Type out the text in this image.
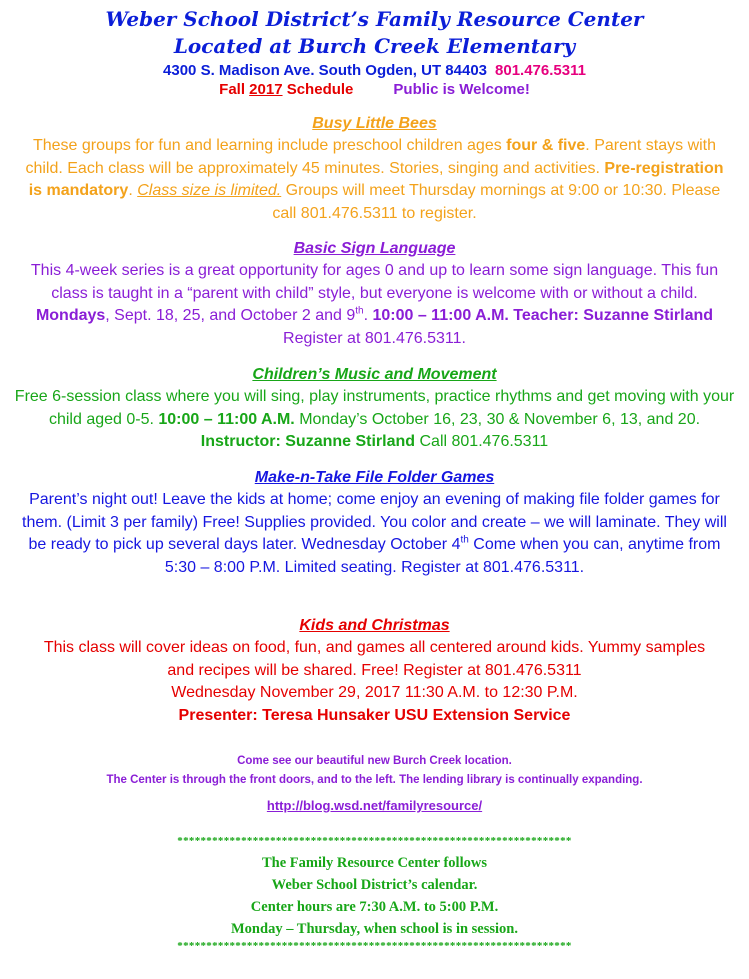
Weber School District’s Family Resource Center
Located at Burch Creek Elementary
4300 S. Madison Ave. South Ogden, UT 84403 801.476.5311
Fall 2017 Schedule	Public is Welcome!
Busy Little Bees

These groups for fun and learning include preschool children ages four & five. Parent stays with child. Each class will be approximately 45 minutes. Stories, singing and activities. Pre-registration is mandatory. Class size is limited. Groups will meet Thursday mornings at 9:00 or 10:30. Please call 801.476.5311 to register.

Basic Sign Language

This 4-week series is a great opportunity for ages 0 and up to learn some sign language. This fun class is taught in a “parent with child” style, but everyone is welcome with or without a child. Mondays, Sept. 18, 25, and October 2 and 9th. 10:00 – 11:00 A.M. Teacher: Suzanne Stirland Register at 801.476.5311.

Children’s Music and Movement

Free 6-session class where you will sing, play instruments, practice rhythms and get moving with your child aged 0-5. 10:00 – 11:00 A.M. Monday’s October 16, 23, 30 & November 6, 13, and 20. Instructor: Suzanne Stirland Call 801.476.5311

Make-n-Take File Folder Games

Parent’s night out! Leave the kids at home; come enjoy an evening of making file folder games for them. (Limit 3 per family) Free! Supplies provided. You color and create – we will laminate. They will be ready to pick up several days later. Wednesday October 4th Come when you can, anytime from 5:30 – 8:00 P.M. Limited seating. Register at 801.476.5311.

Kids and Christmas

This class will cover ideas on food, fun, and games all centered around kids. Yummy samples and recipes will be shared. Free! Register at 801.476.5311

Wednesday November 29, 2017 11:30 A.M. to 12:30 P.M.

Presenter: Teresa Hunsaker USU Extension Service

Come see our beautiful new Burch Creek location.
The Center is through the front doors, and to the left. The lending library is continually expanding.
http://blog.wsd.net/familyresource/
********************************************************************
The Family Resource Center follows
Weber School District’s calendar.
Center hours are 7:30 A.M. to 5:00 P.M.
Monday – Thursday, when school is in session.
********************************************************************
